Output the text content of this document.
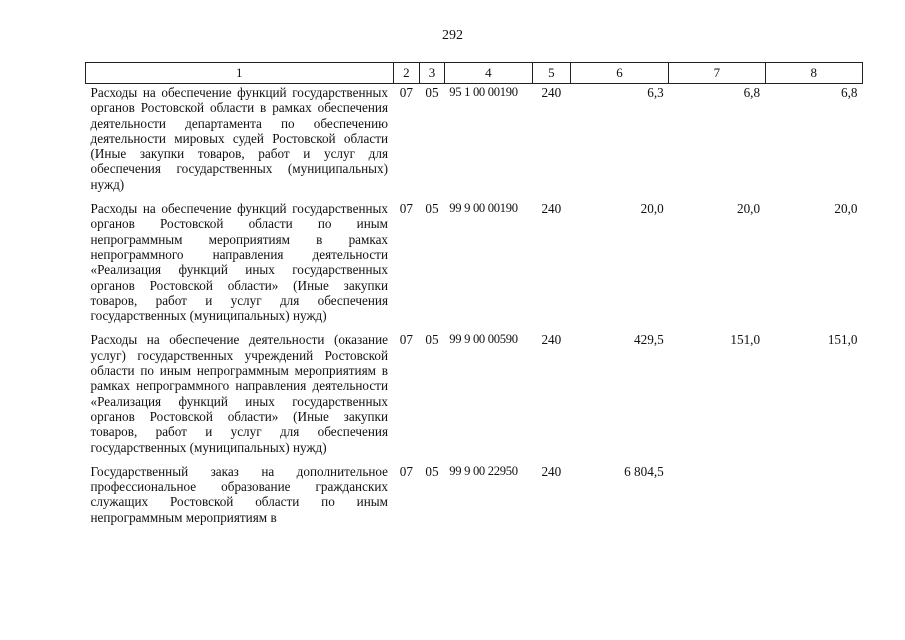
292
1	2	3	4	5	6	7	8
Расходы на обеспечение функций государственных органов Ростовской области в рамках обеспечения деятельности департамента по обеспечению деятельности мировых судей Ростовской области (Иные закупки товаров, работ и услуг для обеспечения государственных (муниципальных) нужд)	07	05	95 1 00 00190	240	6,3	6,8	6,8
Расходы на обеспечение функций государственных органов Ростовской области по иным непрограммным мероприятиям в рамках непрограммного направления деятельности «Реализация функций иных государственных органов Ростовской области» (Иные закупки товаров, работ и услуг для обеспечения государственных (муниципальных) нужд)	07	05	99 9 00 00190	240	20,0	20,0	20,0
Расходы на обеспечение деятельности (оказание услуг) государственных учреждений Ростовской области по иным непрограммным мероприятиям в рамках непрограммного направления деятельности «Реализация функций иных государственных органов Ростовской области» (Иные закупки товаров, работ и услуг для обеспечения государственных (муниципальных) нужд)	07	05	99 9 00 00590	240	429,5	151,0	151,0
Государственный заказ на дополнительное профессиональное образование гражданских служащих Ростовской области по иным непрограммным мероприятиям в	07	05	99 9 00 22950	240	6 804,5		
